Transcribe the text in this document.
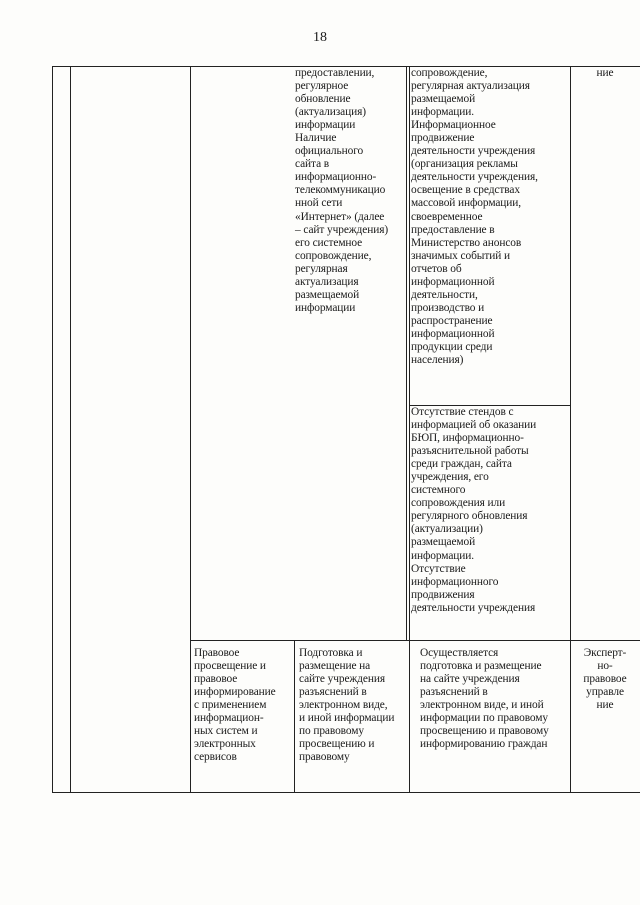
18
предоставлении,
регулярное
обновление
(актуализация)
информации
Наличие
официального
сайта в
информационно-
телекоммуникацио
нной сети
«Интернет» (далее
– сайт учреждения)
его системное
сопровождение,
регулярная
актуализация
размещаемой
информации
сопровождение,
регулярная актуализация
размещаемой
информации.
Информационное
продвижение
деятельности учреждения
(организация рекламы
деятельности учреждения,
освещение в средствах
массовой информации,
своевременное
предоставление в
Министерство анонсов
значимых событий и
отчетов об
информационной
деятельности,
производство и
распространение
информационной
продукции среди
населения)
ние
Отсутствие стендов с
информацией об оказании
БЮП, информационно-
разъяснительной работы
среди граждан, сайта
учреждения, его
системного
сопровождения или
регулярного обновления
(актуализации)
размещаемой
информации.
Отсутствие
информационного
продвижения
деятельности учреждения
Правовое
просвещение и
правовое
информирование
с применением
информацион-
ных систем и
электронных
сервисов
Подготовка и
размещение на
сайте учреждения
разъяснений в
электронном виде,
и иной информации
по правовому
просвещению и
правовому
Осуществляется
подготовка и размещение
на сайте учреждения
разъяснений в
электронном виде, и иной
информации по правовому
просвещению и правовому
информированию граждан
Эксперт-
но-
правовое
управле
ние
